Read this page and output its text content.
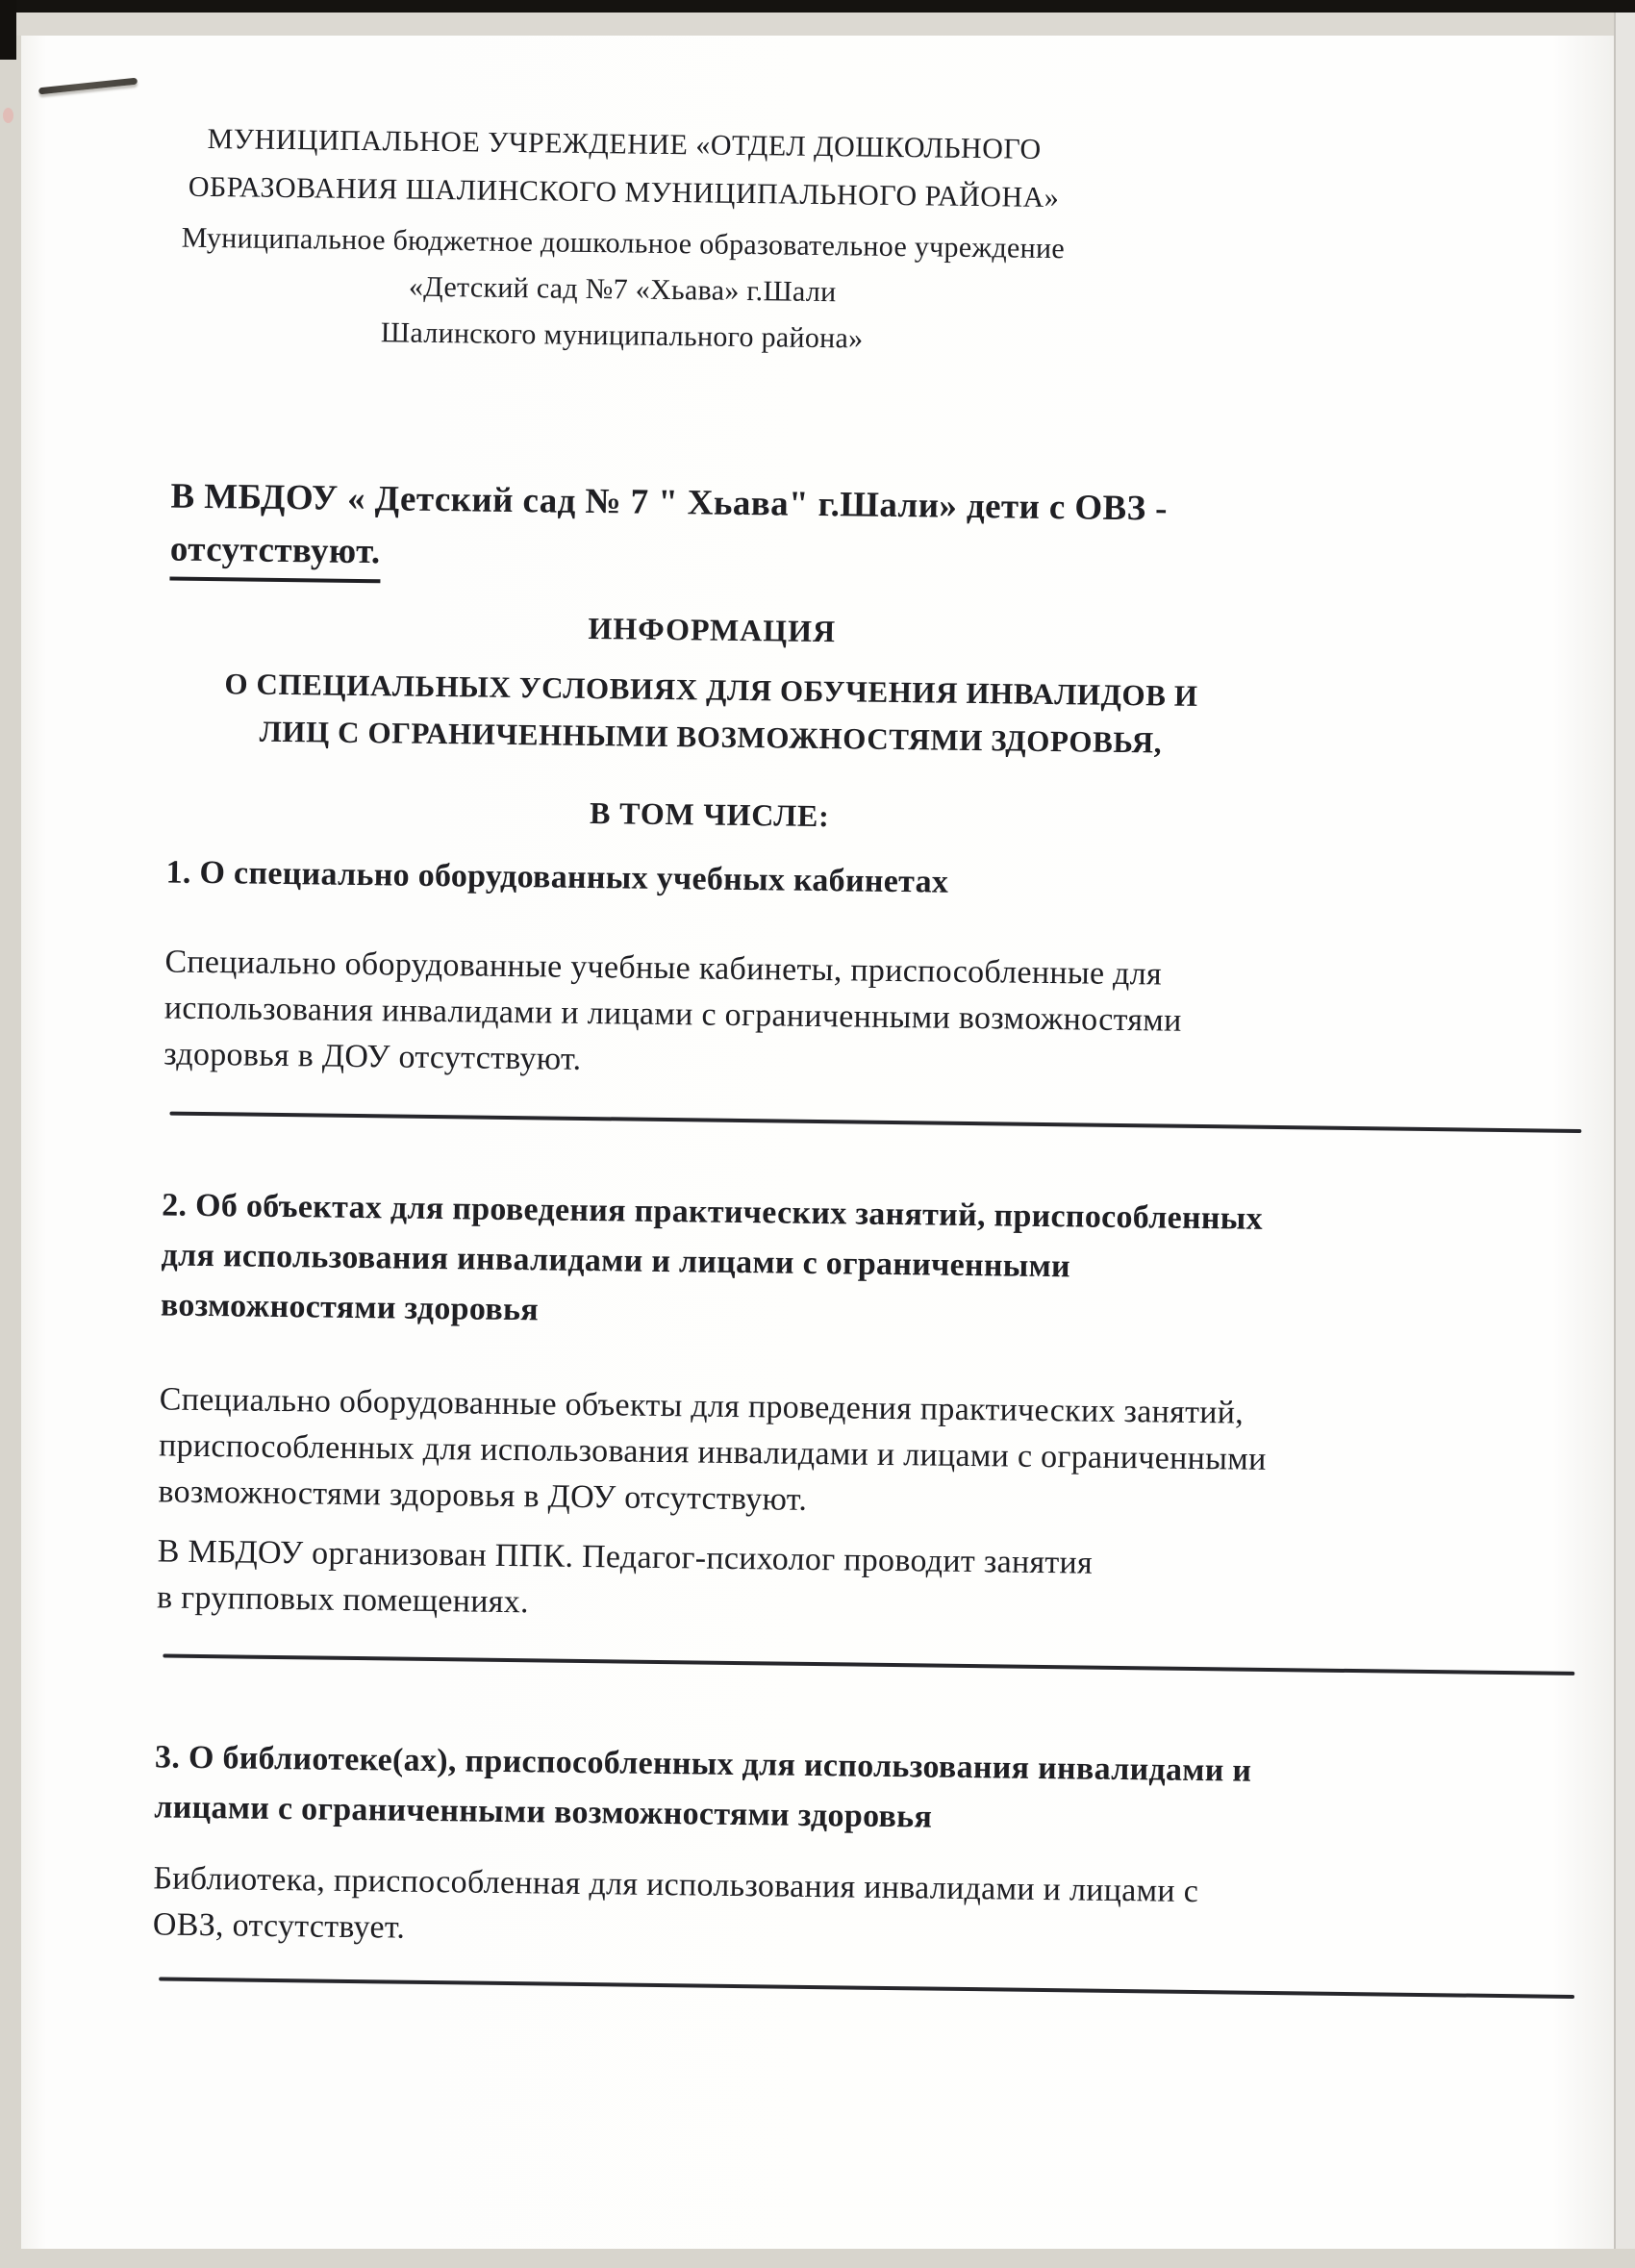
МУНИЦИПАЛЬНОЕ УЧРЕЖДЕНИЕ «ОТДЕЛ ДОШКОЛЬНОГО
ОБРАЗОВАНИЯ ШАЛИНСКОГО МУНИЦИПАЛЬНОГО РАЙОНА»
Муниципальное бюджетное дошкольное образовательное учреждение
«Детский сад №7 «Хьава» г.Шали
Шалинского муниципального района»
В МБДОУ « Детский сад № 7 " Хьава" г.Шали» дети с ОВЗ -
отсутствуют.
ИНФОРМАЦИЯ
О СПЕЦИАЛЬНЫХ УСЛОВИЯХ ДЛЯ ОБУЧЕНИЯ ИНВАЛИДОВ И
ЛИЦ С ОГРАНИЧЕННЫМИ ВОЗМОЖНОСТЯМИ ЗДОРОВЬЯ,
В ТОМ ЧИСЛЕ:
1. О специально оборудованных учебных кабинетах
Специально оборудованные учебные кабинеты, приспособленные для
использования инвалидами и лицами с ограниченными возможностями
здоровья в ДОУ отсутствуют.
2. Об объектах для проведения практических занятий, приспособленных
для использования инвалидами и лицами с ограниченными
возможностями здоровья
Специально оборудованные объекты для проведения практических занятий,
приспособленных для использования инвалидами и лицами с ограниченными
возможностями здоровья в ДОУ отсутствуют.
В МБДОУ организован ППК. Педагог-психолог проводит занятия
в групповых помещениях.
3. О библиотеке(ах), приспособленных для использования инвалидами и
лицами с ограниченными возможностями здоровья
Библиотека, приспособленная для использования инвалидами и лицами с
ОВЗ, отсутствует.
